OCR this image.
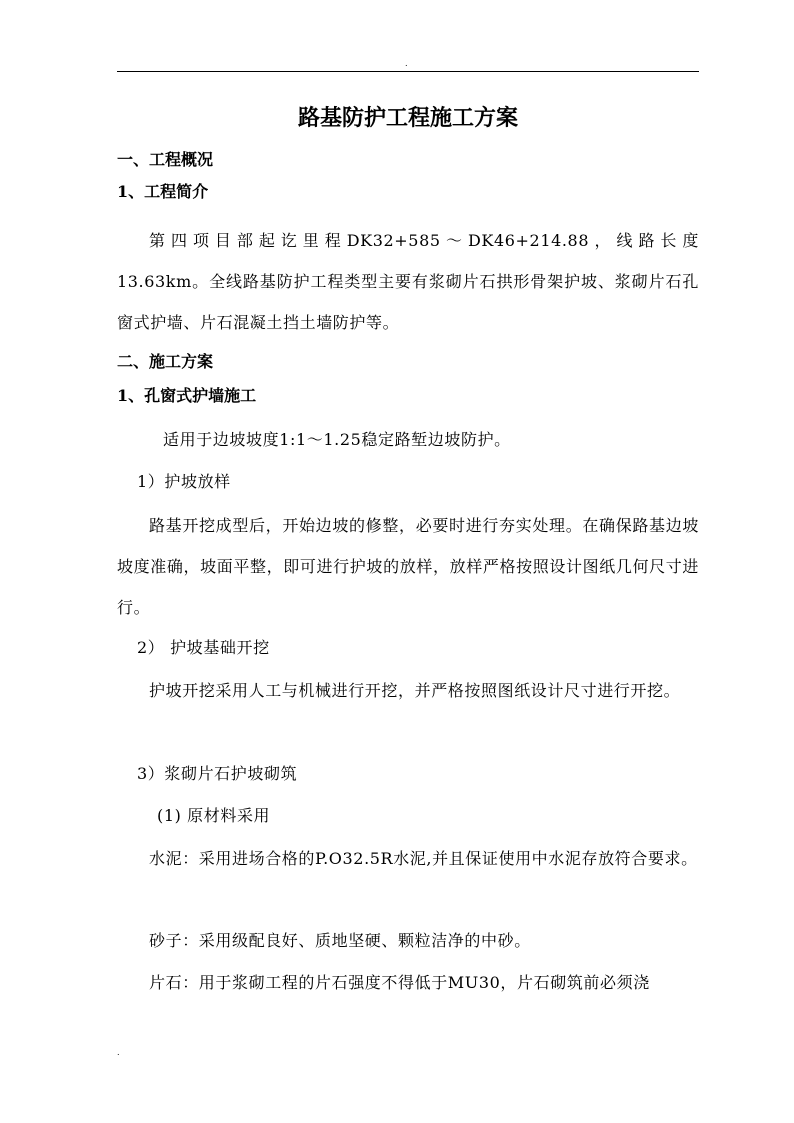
.
路基防护工程施工方案
一、工程概况
1、工程简介

第四项目部起讫里程DK32+585～DK46+214.88，线路长度13.63km。全线路基防护工程类型主要有浆砌片石拱形骨架护坡、浆砌片石孔窗式护墙、片石混凝土挡土墙防护等。

二、施工方案
1、孔窗式护墙施工
适用于边坡坡度1:1～1.25稳定路堑边坡防护。
1）护坡放样

路基开挖成型后，开始边坡的修整，必要时进行夯实处理。在确保路基边坡坡度准确，坡面平整，即可进行护坡的放样，放样严格按照设计图纸几何尺寸进行。

2） 护坡基础开挖

护坡开挖采用人工与机械进行开挖，并严格按照图纸设计尺寸进行开挖。

3）浆砌片石护坡砌筑
(1) 原材料采用

水泥：采用进场合格的P.O32.5R水泥,并且保证使用中水泥存放符合要求。

砂子：采用级配良好、质地坚硬、颗粒洁净的中砂。

片石：用于浆砌工程的片石强度不得低于MU30，片石砌筑前必须浇

.
